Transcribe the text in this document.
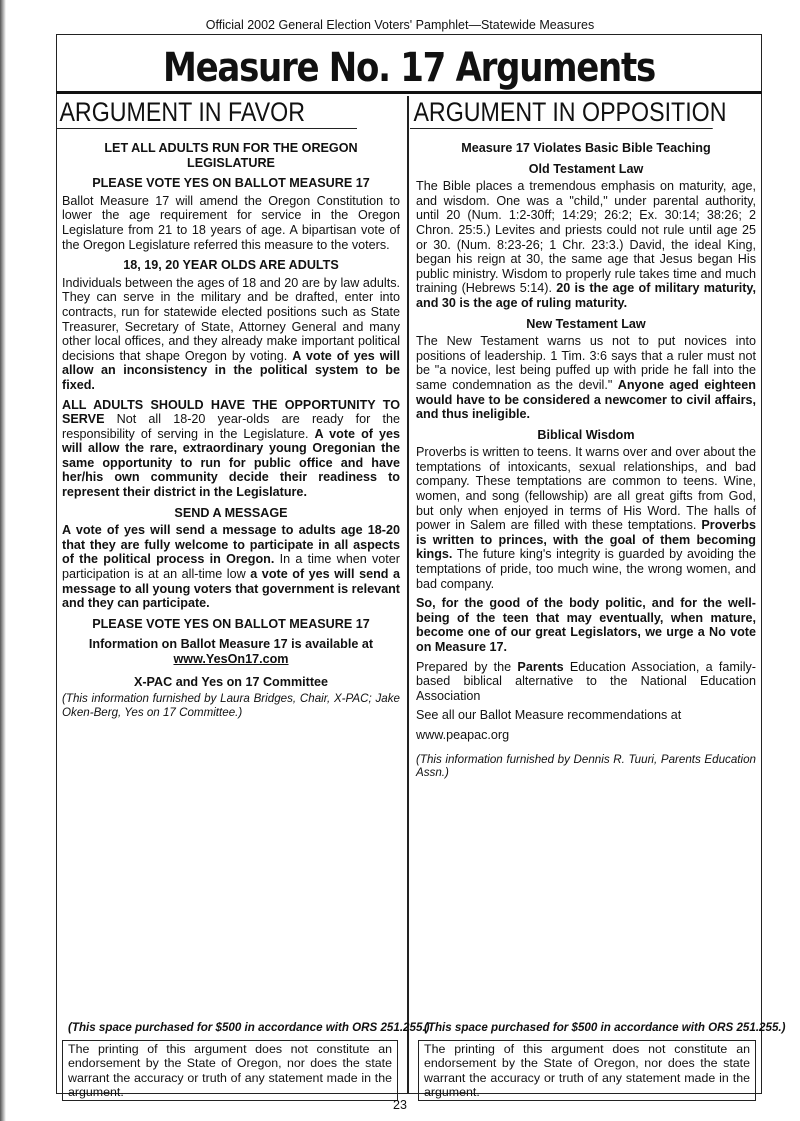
Official 2002 General Election Voters' Pamphlet—Statewide Measures
Measure No. 17 Arguments
ARGUMENT IN FAVOR
LET ALL ADULTS RUN FOR THE OREGON LEGISLATURE
PLEASE VOTE YES ON BALLOT MEASURE 17

Ballot Measure 17 will amend the Oregon Constitution to lower the age requirement for service in the Oregon Legislature from 21 to 18 years of age. A bipartisan vote of the Oregon Legislature referred this measure to the voters.

18, 19, 20 YEAR OLDS ARE ADULTS

Individuals between the ages of 18 and 20 are by law adults. They can serve in the military and be drafted, enter into contracts, run for statewide elected positions such as State Treasurer, Secretary of State, Attorney General and many other local offices, and they already make important political decisions that shape Oregon by voting. A vote of yes will allow an inconsistency in the political system to be fixed.

ALL ADULTS SHOULD HAVE THE OPPORTUNITY TO SERVE Not all 18-20 year-olds are ready for the responsibility of serving in the Legislature. A vote of yes will allow the rare, extraordinary young Oregonian the same opportunity to run for public office and have her/his own community decide their readiness to represent their district in the Legislature.

SEND A MESSAGE

A vote of yes will send a message to adults age 18-20 that they are fully welcome to participate in all aspects of the political process in Oregon. In a time when voter participation is at an all-time low a vote of yes will send a message to all young voters that government is relevant and they can participate.

PLEASE VOTE YES ON BALLOT MEASURE 17
Information on Ballot Measure 17 is available at
www.YesOn17.com
X-PAC and Yes on 17 Committee

(This information furnished by Laura Bridges, Chair, X-PAC; Jake Oken-Berg, Yes on 17 Committee.)

ARGUMENT IN OPPOSITION
Measure 17 Violates Basic Bible Teaching
Old Testament Law

The Bible places a tremendous emphasis on maturity, age, and wisdom. One was a "child," under parental authority, until 20 (Num. 1:2-30ff; 14:29; 26:2; Ex. 30:14; 38:26; 2 Chron. 25:5.) Levites and priests could not rule until age 25 or 30. (Num. 8:23-26; 1 Chr. 23:3.) David, the ideal King, began his reign at 30, the same age that Jesus began His public ministry. Wisdom to properly rule takes time and much training (Hebrews 5:14). 20 is the age of military maturity, and 30 is the age of ruling maturity.

New Testament Law

The New Testament warns us not to put novices into positions of leadership. 1 Tim. 3:6 says that a ruler must not be "a novice, lest being puffed up with pride he fall into the same condemnation as the devil." Anyone aged eighteen would have to be considered a newcomer to civil affairs, and thus ineligible.

Biblical Wisdom

Proverbs is written to teens. It warns over and over about the temptations of intoxicants, sexual relationships, and bad company. These temptations are common to teens. Wine, women, and song (fellowship) are all great gifts from God, but only when enjoyed in terms of His Word. The halls of power in Salem are filled with these temptations. Proverbs is written to princes, with the goal of them becoming kings. The future king's integrity is guarded by avoiding the temptations of pride, too much wine, the wrong women, and bad company.

So, for the good of the body politic, and for the well-being of the teen that may eventually, when mature, become one of our great Legislators, we urge a No vote on Measure 17.

Prepared by the Parents Education Association, a family-based biblical alternative to the National Education Association

See all our Ballot Measure recommendations at

www.peapac.org

(This information furnished by Dennis R. Tuuri, Parents Education Assn.)

(This space purchased for $500 in accordance with ORS 251.255.)
(This space purchased for $500 in accordance with ORS 251.255.)
The printing of this argument does not constitute an endorsement by the State of Oregon, nor does the state warrant the accuracy or truth of any statement made in the argument.
The printing of this argument does not constitute an endorsement by the State of Oregon, nor does the state warrant the accuracy or truth of any statement made in the argument.
23
